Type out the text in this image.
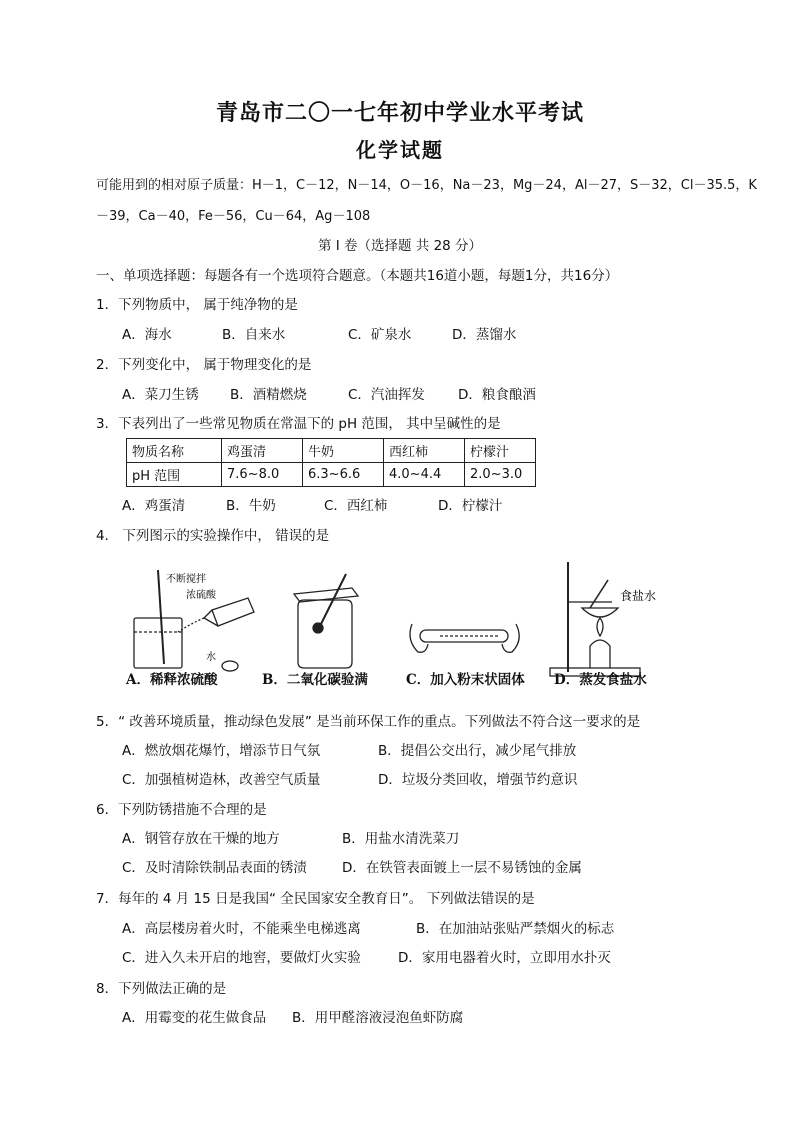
青岛市二〇一七年初中学业水平考试
化学试题
可能用到的相对原子质量：H－1，C－12，N－14，O－16，Na－23，Mg－24，Al－27，S－32，Cl－35.5，K
－39，Ca－40，Fe－56，Cu－64，Ag－108
第 I 卷（选择题 共 28 分）
一、单项选择题：每题各有一个选项符合题意。（本题共16道小题，每题1分，共16分）
1．下列物质中， 属于纯净物的是
A．海水	B．自来水	C．矿泉水	D．蒸馏水
2．下列变化中， 属于物理变化的是
A．菜刀生锈 B．酒精燃烧	C．汽油挥发 D．粮食酿酒
3．下表列出了一些常见物质在常温下的 pH 范围， 其中呈碱性的是
物质名称	鸡蛋清	牛奶	西红柿	柠檬汁
pH 范围	7.6~8.0	6.3~6.6	4.0~4.4	2.0~3.0
A．鸡蛋清	B．牛奶	C．西红柿	D．柠檬汁
4． 下列图示的实验操作中， 错误的是
不断搅拌
浓硫酸
水
食盐水
A．稀释浓硫酸	B．二氧化碳验满	C．加入粉末状固体 D．蒸发食盐水
5．“ 改善环境质量，推动绿色发展” 是当前环保工作的重点。下列做法不符合这一要求的是
A．燃放烟花爆竹，增添节日气氛	B．提倡公交出行，减少尾气排放
C．加强植树造林，改善空气质量	D．垃圾分类回收，增强节约意识
6．下列防锈措施不合理的是
A．钢管存放在干燥的地方	B．用盐水清洗菜刀
C．及时清除铁制品表面的锈渍	D．在铁管表面镀上一层不易锈蚀的金属
7．每年的 4 月 15 日是我国“ 全民国家安全教育日”。 下列做法错误的是
A．高层楼房着火时，不能乘坐电梯逃离	B．在加油站张贴严禁烟火的标志
C．进入久未开启的地窖，要做灯火实验	D．家用电器着火时，立即用水扑灭
8．下列做法正确的是
A．用霉变的花生做食品 B．用甲醛溶液浸泡鱼虾防腐
